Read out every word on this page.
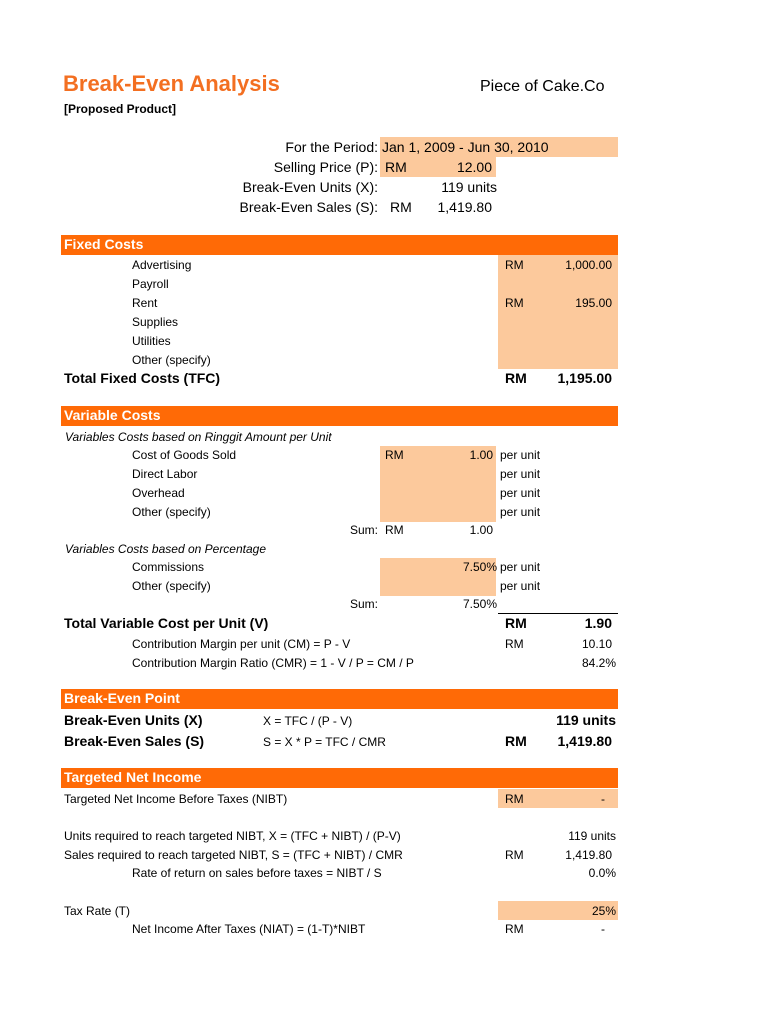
Break-Even Analysis
[Proposed Product]
Piece of Cake.Co
For the Period: Jan 1, 2009 - Jun 30, 2010
Selling Price (P): RM	12.00
Break-Even Units (X):	119 units
Break-Even Sales (S): RM 1,419.80
Fixed Costs
Advertising	RM	1,000.00
Payroll
Rent	RM	195.00
Supplies
Utilities
Other (specify)
Total Fixed Costs (TFC)	RM 1,195.00
Variable Costs
Variables Costs based on Ringgit Amount per Unit
Cost of Goods Sold	RM	1.00 per unit
Direct Labor	per unit
Overhead	per unit
Other (specify)	per unit
Sum: RM	1.00
Variables Costs based on Percentage
Commissions	7.50% per unit
Other (specify)	per unit
Sum:	7.50%
Total Variable Cost per Unit (V)	RM	1.90
Contribution Margin per unit (CM) = P - V	RM	10.10
Contribution Margin Ratio (CMR) = 1 - V / P = CM / P	84.2%
Break-Even Point
Break-Even Units (X)	X = TFC / (P - V)	119 units
Break-Even Sales (S)	S = X * P = TFC / CMR	RM 1,419.80
Targeted Net Income
Targeted Net Income Before Taxes (NIBT)	RM	-
Units required to reach targeted NIBT, X = (TFC + NIBT) / (P-V)	119 units
Sales required to reach targeted NIBT, S = (TFC + NIBT) / CMR	RM	1,419.80
Rate of return on sales before taxes = NIBT / S	0.0%
Tax Rate (T)	25%
Net Income After Taxes (NIAT) = (1-T)*NIBT	RM	-
